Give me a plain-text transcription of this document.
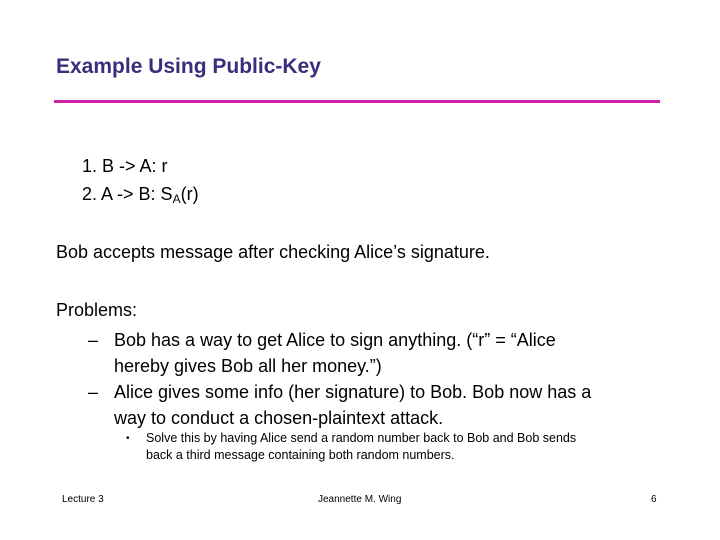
Example Using Public-Key
1. B -> A: r
2. A -> B: $S_A(r)$
Bob accepts message after checking Alice’s signature.
Problems:
– Bob has a way to get Alice to sign anything. (“r” = “Alice
hereby gives Bob all her money.”)
– Alice gives some info (her signature) to Bob. Bob now has a
way to conduct a chosen-plaintext attack.
• Solve this by having Alice send a random number back to Bob and Bob sends
back a third message containing both random numbers.
Lecture 3	Jeannette M. Wing	6
